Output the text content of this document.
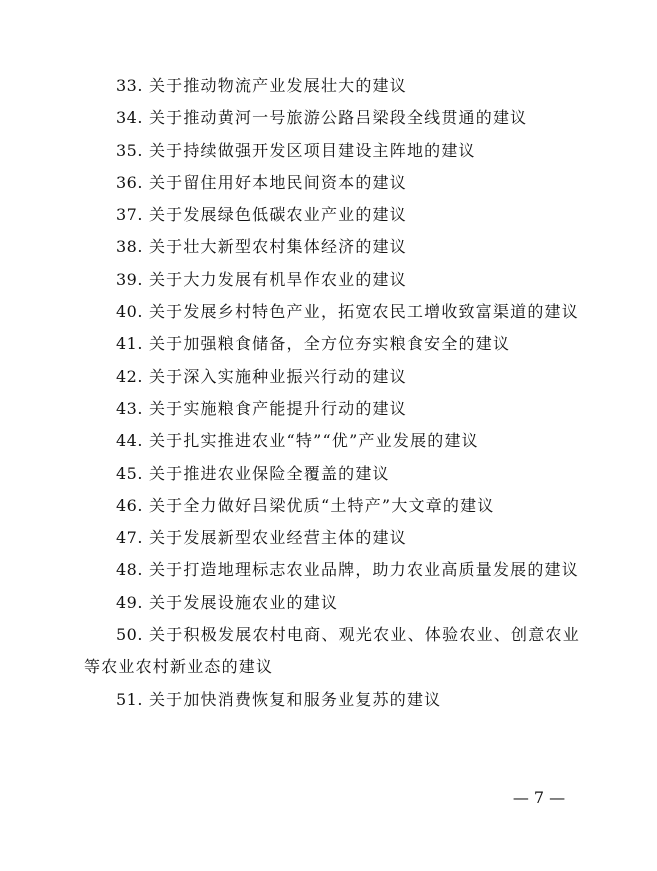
33. 关于推动物流产业发展壮大的建议
34. 关于推动黄河一号旅游公路吕梁段全线贯通的建议
35. 关于持续做强开发区项目建设主阵地的建议
36. 关于留住用好本地民间资本的建议
37. 关于发展绿色低碳农业产业的建议
38. 关于壮大新型农村集体经济的建议
39. 关于大力发展有机旱作农业的建议
40. 关于发展乡村特色产业，拓宽农民工增收致富渠道的建议
41. 关于加强粮食储备，全方位夯实粮食安全的建议
42. 关于深入实施种业振兴行动的建议
43. 关于实施粮食产能提升行动的建议
44. 关于扎实推进农业“特”“优”产业发展的建议
45. 关于推进农业保险全覆盖的建议
46. 关于全力做好吕梁优质“土特产”大文章的建议
47. 关于发展新型农业经营主体的建议
48. 关于打造地理标志农业品牌，助力农业高质量发展的建议
49. 关于发展设施农业的建议
50. 关于积极发展农村电商、观光农业、体验农业、创意农业等农业农村新业态的建议
51. 关于加快消费恢复和服务业复苏的建议
— 7 —
